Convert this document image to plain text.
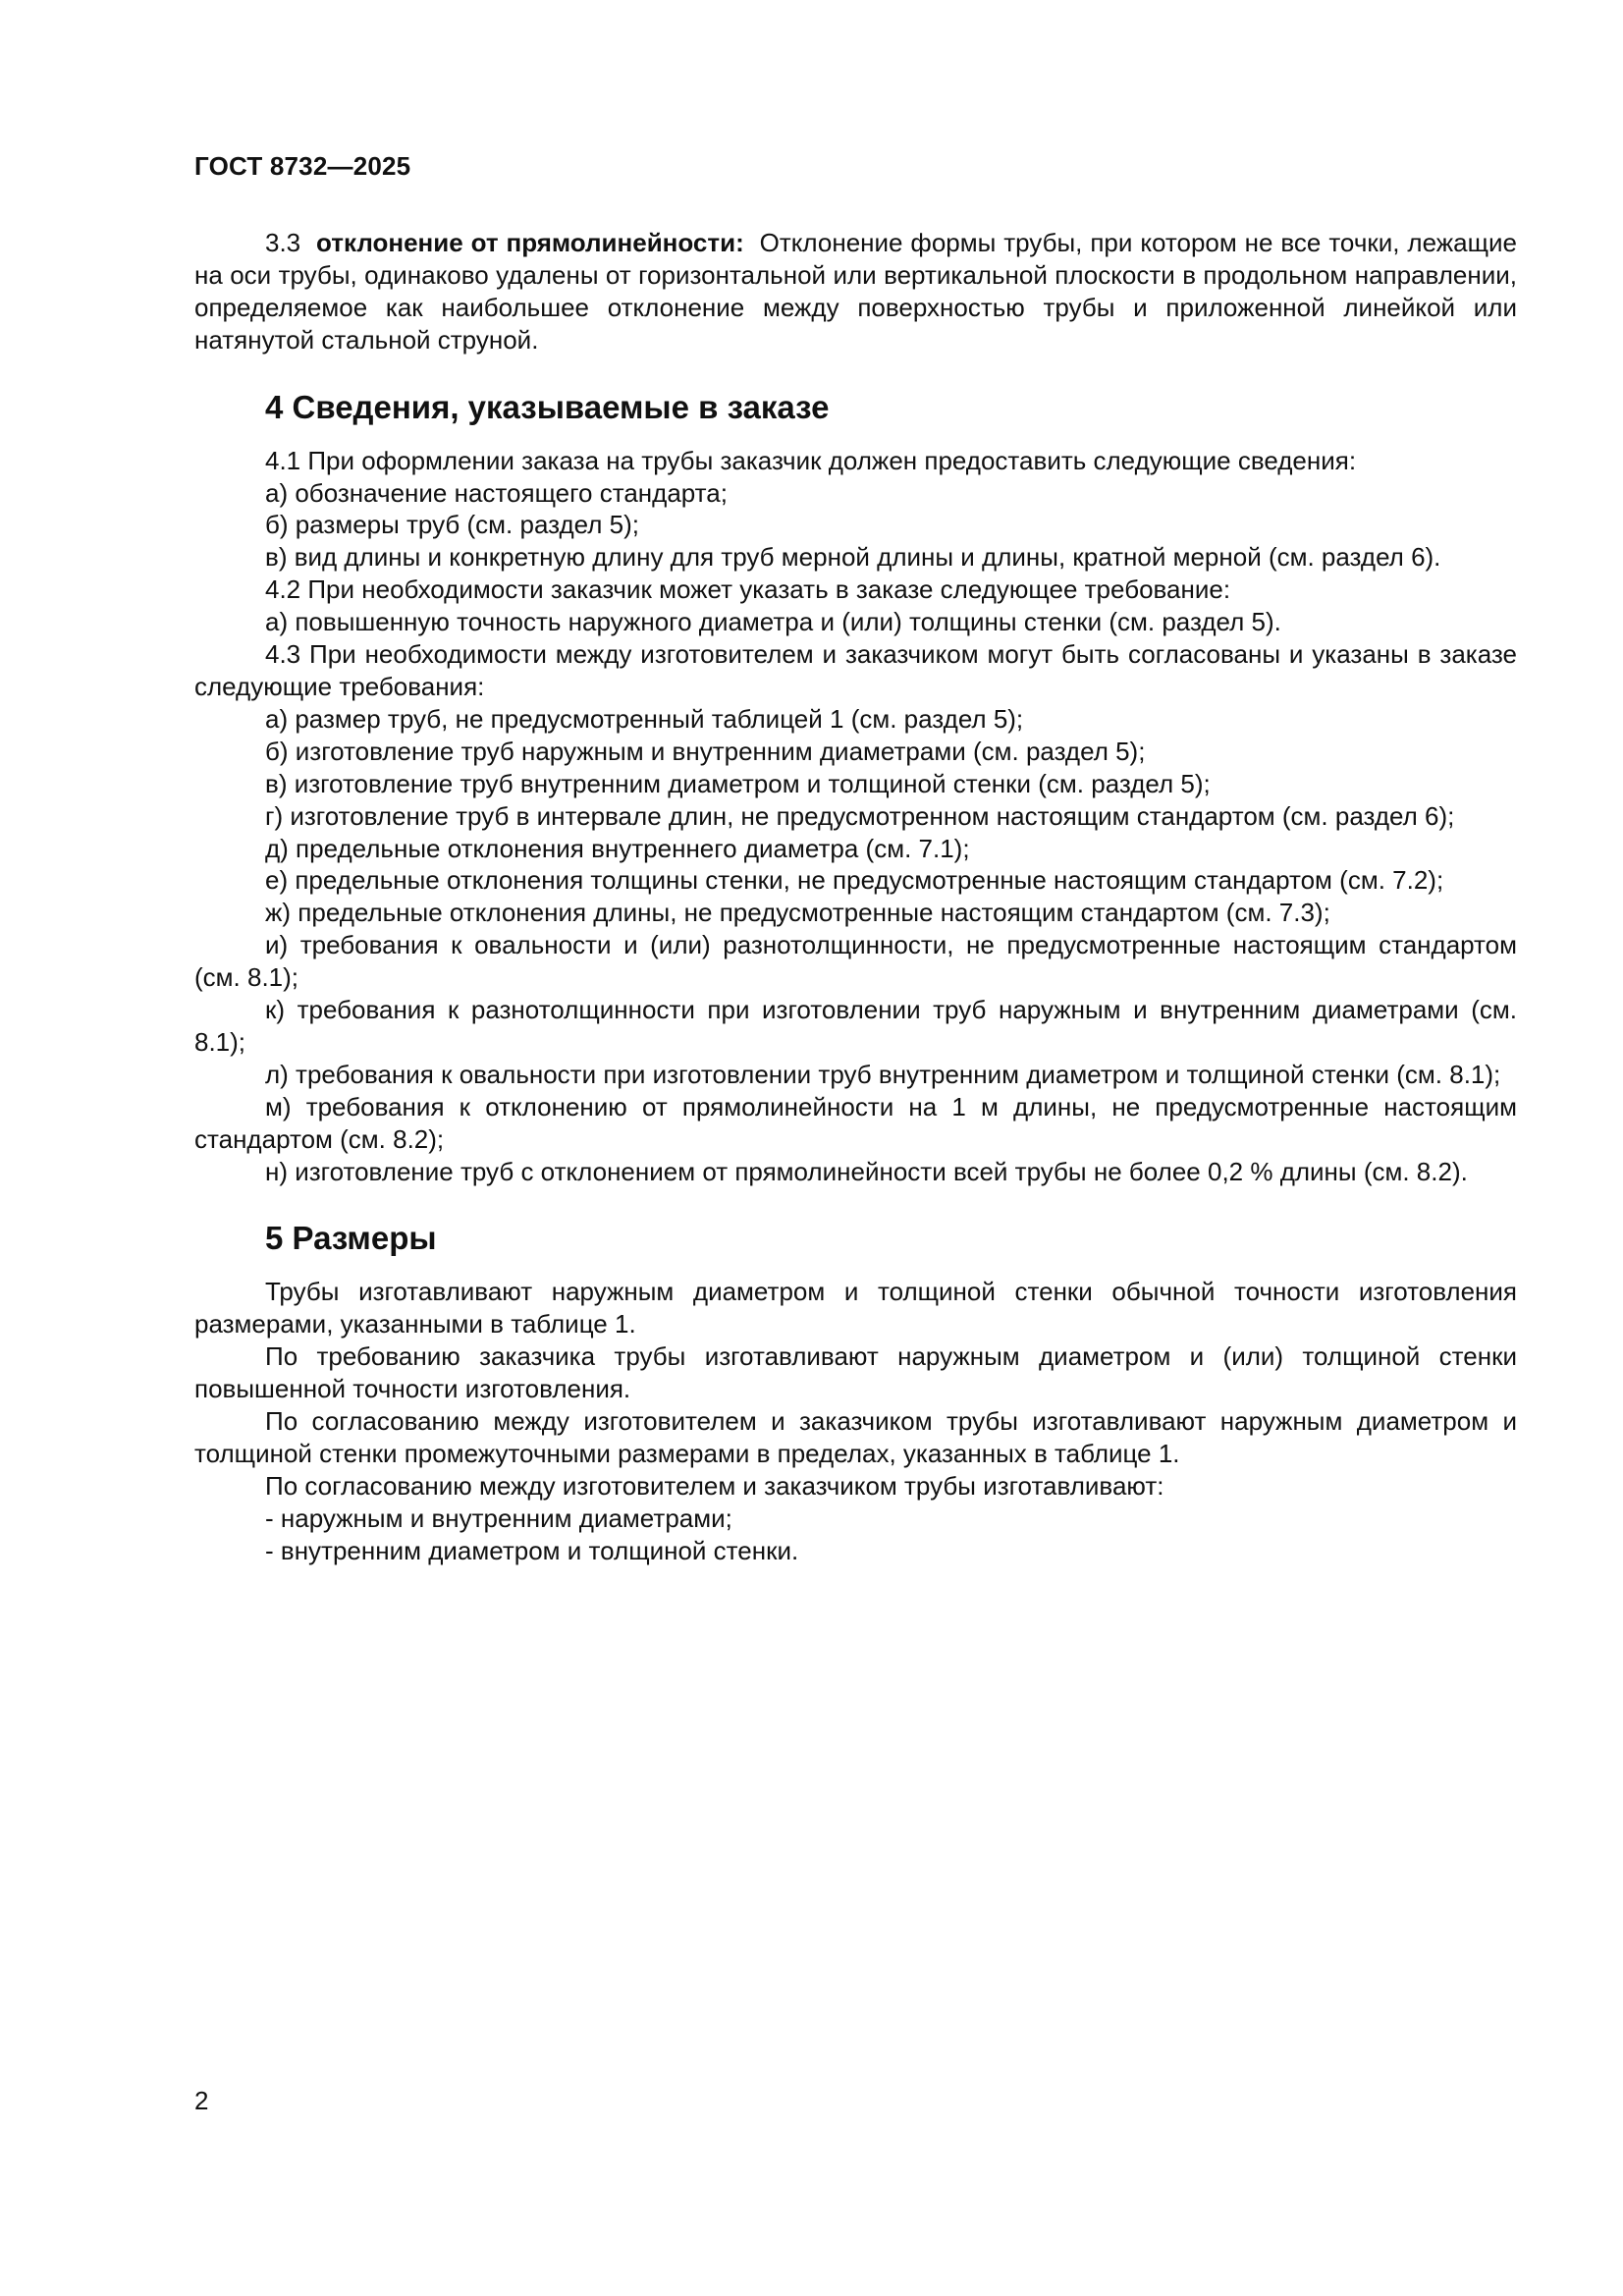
ГОСТ 8732—2025

3.3 отклонение от прямолинейности: Отклонение формы трубы, при котором не все точки, лежащие на оси трубы, одинаково удалены от горизонтальной или вертикальной плоскости в продольном направлении, определяемое как наибольшее отклонение между поверхностью трубы и приложенной линейкой или натянутой стальной струной.

4 Сведения, указываемые в заказе

4.1 При оформлении заказа на трубы заказчик должен предоставить следующие сведения:

а) обозначение настоящего стандарта;

б) размеры труб (см. раздел 5);

в) вид длины и конкретную длину для труб мерной длины и длины, кратной мерной (см. раздел 6).

4.2 При необходимости заказчик может указать в заказе следующее требование:

а) повышенную точность наружного диаметра и (или) толщины стенки (см. раздел 5).

4.3 При необходимости между изготовителем и заказчиком могут быть согласованы и указаны в заказе следующие требования:

а) размер труб, не предусмотренный таблицей 1 (см. раздел 5);

б) изготовление труб наружным и внутренним диаметрами (см. раздел 5);

в) изготовление труб внутренним диаметром и толщиной стенки (см. раздел 5);

г) изготовление труб в интервале длин, не предусмотренном настоящим стандартом (см. раздел 6);

д) предельные отклонения внутреннего диаметра (см. 7.1);

е) предельные отклонения толщины стенки, не предусмотренные настоящим стандартом (см. 7.2);

ж) предельные отклонения длины, не предусмотренные настоящим стандартом (см. 7.3);

и) требования к овальности и (или) разнотолщинности, не предусмотренные настоящим стандартом (см. 8.1);

к) требования к разнотолщинности при изготовлении труб наружным и внутренним диаметрами (см. 8.1);

л) требования к овальности при изготовлении труб внутренним диаметром и толщиной стенки (см. 8.1);

м) требования к отклонению от прямолинейности на 1 м длины, не предусмотренные настоящим стандартом (см. 8.2);

н) изготовление труб с отклонением от прямолинейности всей трубы не более 0,2 % длины (см. 8.2).

5 Размеры

Трубы изготавливают наружным диаметром и толщиной стенки обычной точности изготовления размерами, указанными в таблице 1.

По требованию заказчика трубы изготавливают наружным диаметром и (или) толщиной стенки повышенной точности изготовления.

По согласованию между изготовителем и заказчиком трубы изготавливают наружным диаметром и толщиной стенки промежуточными размерами в пределах, указанных в таблице 1.

По согласованию между изготовителем и заказчиком трубы изготавливают:

- наружным и внутренним диаметрами;

- внутренним диаметром и толщиной стенки.

2
